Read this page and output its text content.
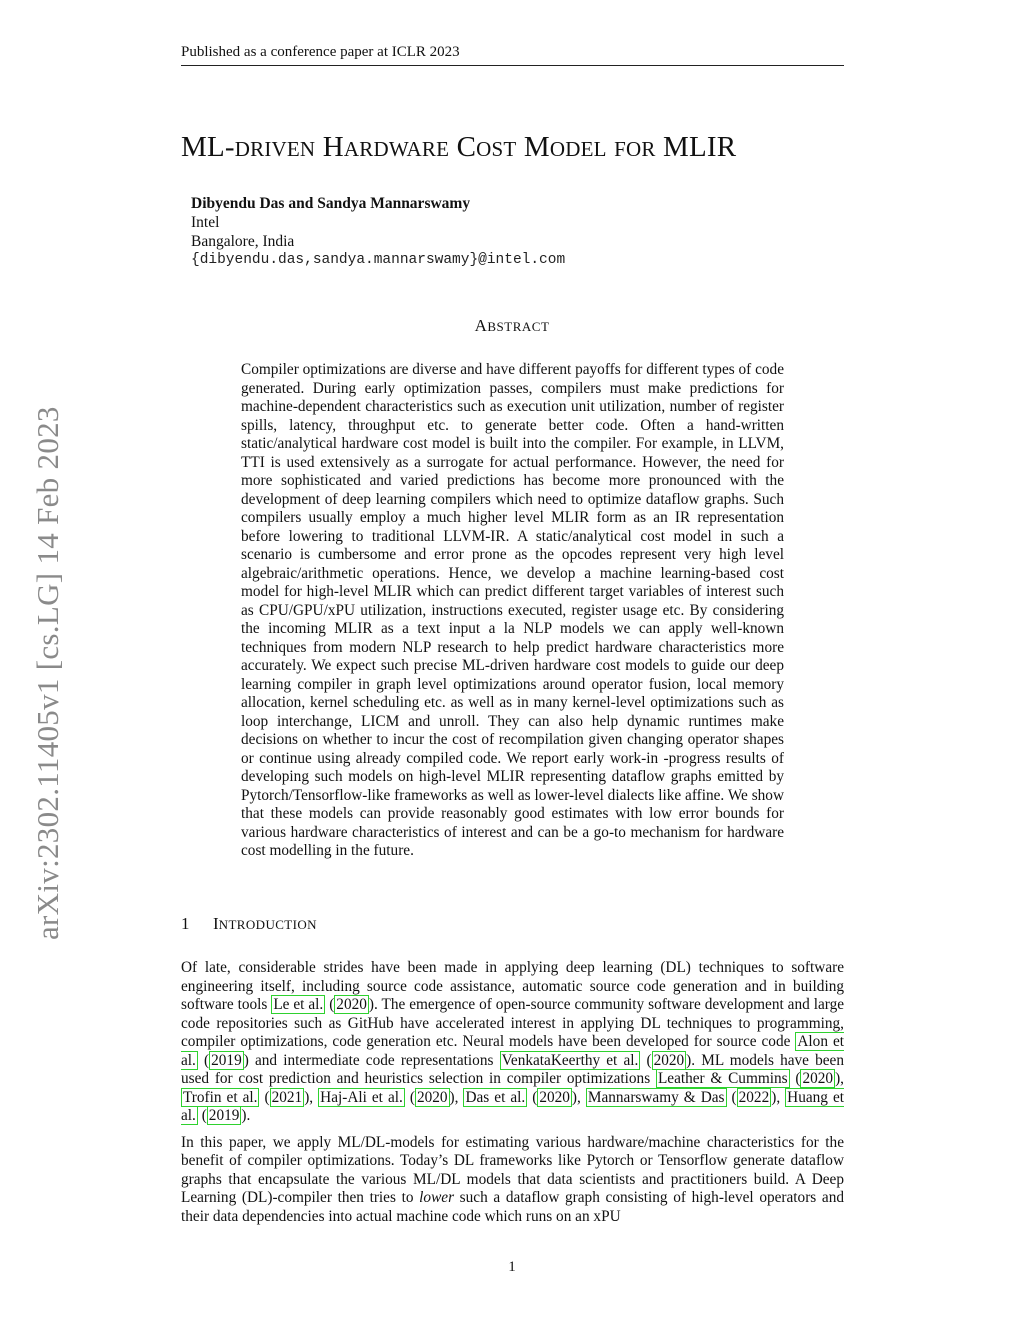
Published as a conference paper at ICLR 2023
ML-DRIVEN HARDWARE COST MODEL FOR MLIR
Dibyendu Das and Sandya Mannarswamy
Intel
Bangalore, India
{dibyendu.das,sandya.mannarswamy}@intel.com
ABSTRACT
Compiler optimizations are diverse and have different payoffs for different types of code generated. During early optimization passes, compilers must make predictions for machine-dependent characteristics such as execution unit utilization, number of register spills, latency, throughput etc. to generate better code. Often a hand-written static/analytical hardware cost model is built into the compiler. For example, in LLVM, TTI is used extensively as a surrogate for actual performance. However, the need for more sophisticated and varied predictions has become more pronounced with the development of deep learning compilers which need to optimize dataflow graphs. Such compilers usually employ a much higher level MLIR form as an IR representation before lowering to traditional LLVM-IR. A static/analytical cost model in such a scenario is cumbersome and error prone as the opcodes represent very high level algebraic/arithmetic operations. Hence, we develop a machine learning-based cost model for high-level MLIR which can predict different target variables of interest such as CPU/GPU/xPU utilization, instructions executed, register usage etc. By considering the incoming MLIR as a text input a la NLP models we can apply well-known techniques from modern NLP research to help predict hardware characteristics more accurately. We expect such precise ML-driven hardware cost models to guide our deep learning compiler in graph level optimizations around operator fusion, local memory allocation, kernel scheduling etc. as well as in many kernel-level optimizations such as loop interchange, LICM and unroll. They can also help dynamic runtimes make decisions on whether to incur the cost of recompilation given changing operator shapes or continue using already compiled code. We report early work-in -progress results of developing such models on high-level MLIR representing dataflow graphs emitted by Pytorch/Tensorflow-like frameworks as well as lower-level dialects like affine. We show that these models can provide reasonably good estimates with low error bounds for various hardware characteristics of interest and can be a go-to mechanism for hardware cost modelling in the future.
arXiv:2302.11405v1 [cs.LG] 14 Feb 2023	1 INTRODUCTION

Of late, considerable strides have been made in applying deep learning (DL) techniques to software engineering itself, including source code assistance, automatic source code generation and in building software tools Le et al. ( 2020 ). The emergence of open-source community software development and large code repositories such as GitHub have accelerated interest in applying DL techniques to programming, compiler optimizations, code generation etc. Neural models have been developed for source code Alon et al. ( 2019 ) and intermediate code representations VenkataKeerthy et al. ( 2020 ). ML models have been used for cost prediction and heuristics selection in compiler optimizations Leather & Cummins ( 2020 ), Trofin et al. ( 2021 ), Haj-Ali et al. ( 2020 ), Das et al. ( 2020 ), Mannarswamy & Das ( 2022 ), Huang et al. ( 2019 ).

In this paper, we apply ML/DL-models for estimating various hardware/machine characteristics for the benefit of compiler optimizations. Today’s DL frameworks like Pytorch or Tensorflow generate dataflow graphs that encapsulate the various ML/DL models that data scientists and practitioners build. A Deep Learning (DL)-compiler then tries to lower such a dataflow graph consisting of high-level operators and their data dependencies into actual machine code which runs on an xPU

1
